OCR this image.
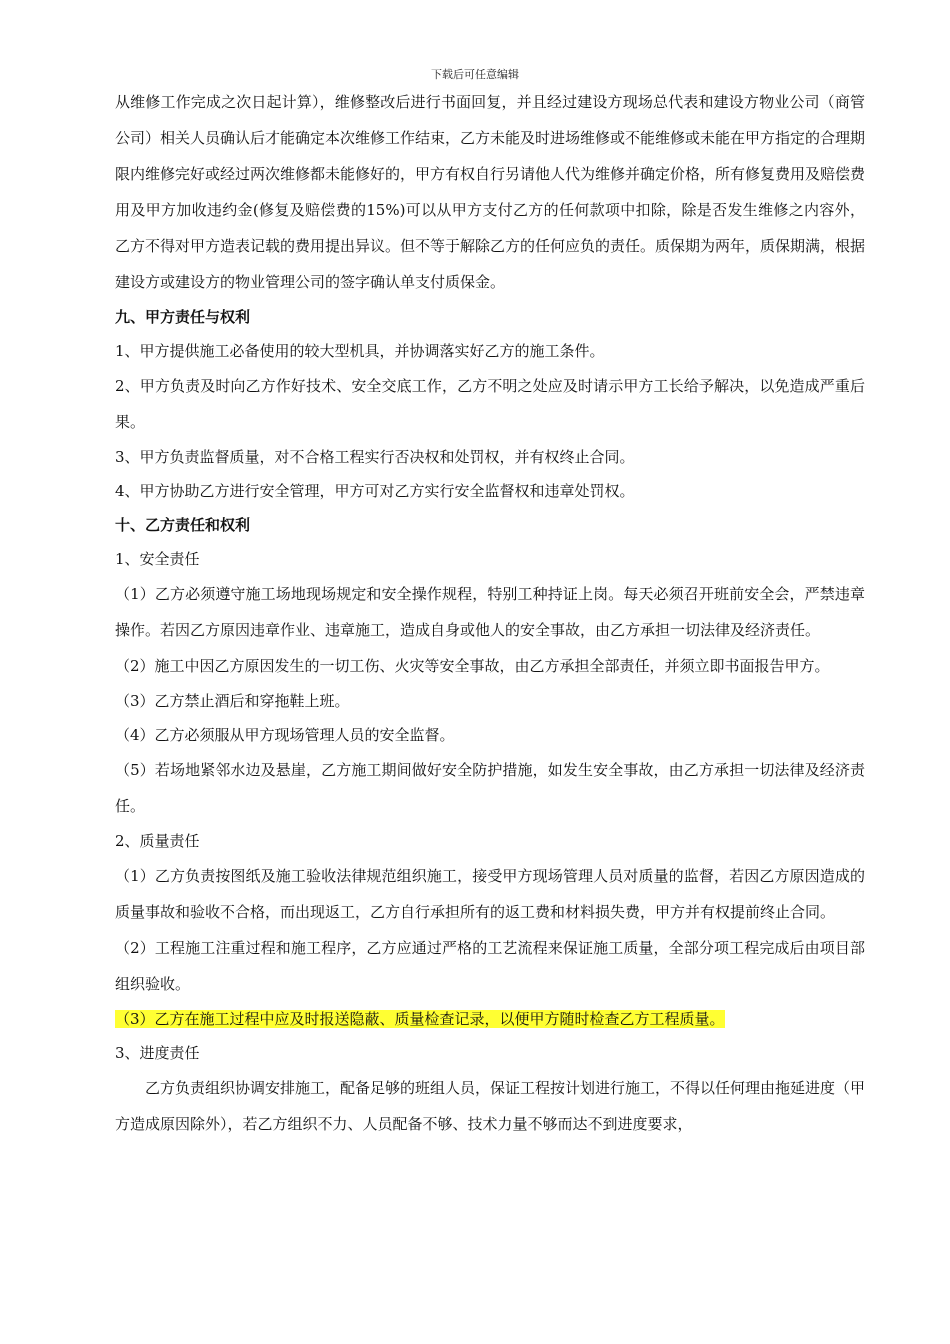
下载后可任意编辑

从维修工作完成之次日起计算），维修整改后进行书面回复，并且经过建设方现场总代表和建设方物业公司（商管公司）相关人员确认后才能确定本次维修工作结束，乙方未能及时进场维修或不能维修或未能在甲方指定的合理期限内维修完好或经过两次维修都未能修好的，甲方有权自行另请他人代为维修并确定价格，所有修复费用及赔偿费用及甲方加收违约金(修复及赔偿费的15%)可以从甲方支付乙方的任何款项中扣除，除是否发生维修之内容外，乙方不得对甲方造表记载的费用提出异议。但不等于解除乙方的任何应负的责任。质保期为两年，质保期满，根据建设方或建设方的物业管理公司的签字确认单支付质保金。

九、甲方责任与权利

1、甲方提供施工必备使用的较大型机具，并协调落实好乙方的施工条件。

2、甲方负责及时向乙方作好技术、安全交底工作，乙方不明之处应及时请示甲方工长给予解决，以免造成严重后果。

3、甲方负责监督质量，对不合格工程实行否决权和处罚权，并有权终止合同。

4、甲方协助乙方进行安全管理，甲方可对乙方实行安全监督权和违章处罚权。

十、乙方责任和权利

1、安全责任

（1）乙方必须遵守施工场地现场规定和安全操作规程，特别工种持证上岗。每天必须召开班前安全会，严禁违章操作。若因乙方原因违章作业、违章施工，造成自身或他人的安全事故，由乙方承担一切法律及经济责任。

（2）施工中因乙方原因发生的一切工伤、火灾等安全事故，由乙方承担全部责任，并须立即书面报告甲方。

（3）乙方禁止酒后和穿拖鞋上班。

（4）乙方必须服从甲方现场管理人员的安全监督。

（5）若场地紧邻水边及悬崖，乙方施工期间做好安全防护措施，如发生安全事故，由乙方承担一切法律及经济责任。

2、质量责任

（1）乙方负责按图纸及施工验收法律规范组织施工，接受甲方现场管理人员对质量的监督，若因乙方原因造成的质量事故和验收不合格，而出现返工，乙方自行承担所有的返工费和材料损失费，甲方并有权提前终止合同。

（2）工程施工注重过程和施工程序，乙方应通过严格的工艺流程来保证施工质量，全部分项工程完成后由项目部组织验收。

（3）乙方在施工过程中应及时报送隐蔽、质量检查记录，以便甲方随时检查乙方工程质量。

3、进度责任

乙方负责组织协调安排施工，配备足够的班组人员，保证工程按计划进行施工，不得以任何理由拖延进度（甲方造成原因除外），若乙方组织不力、人员配备不够、技术力量不够而达不到进度要求，
